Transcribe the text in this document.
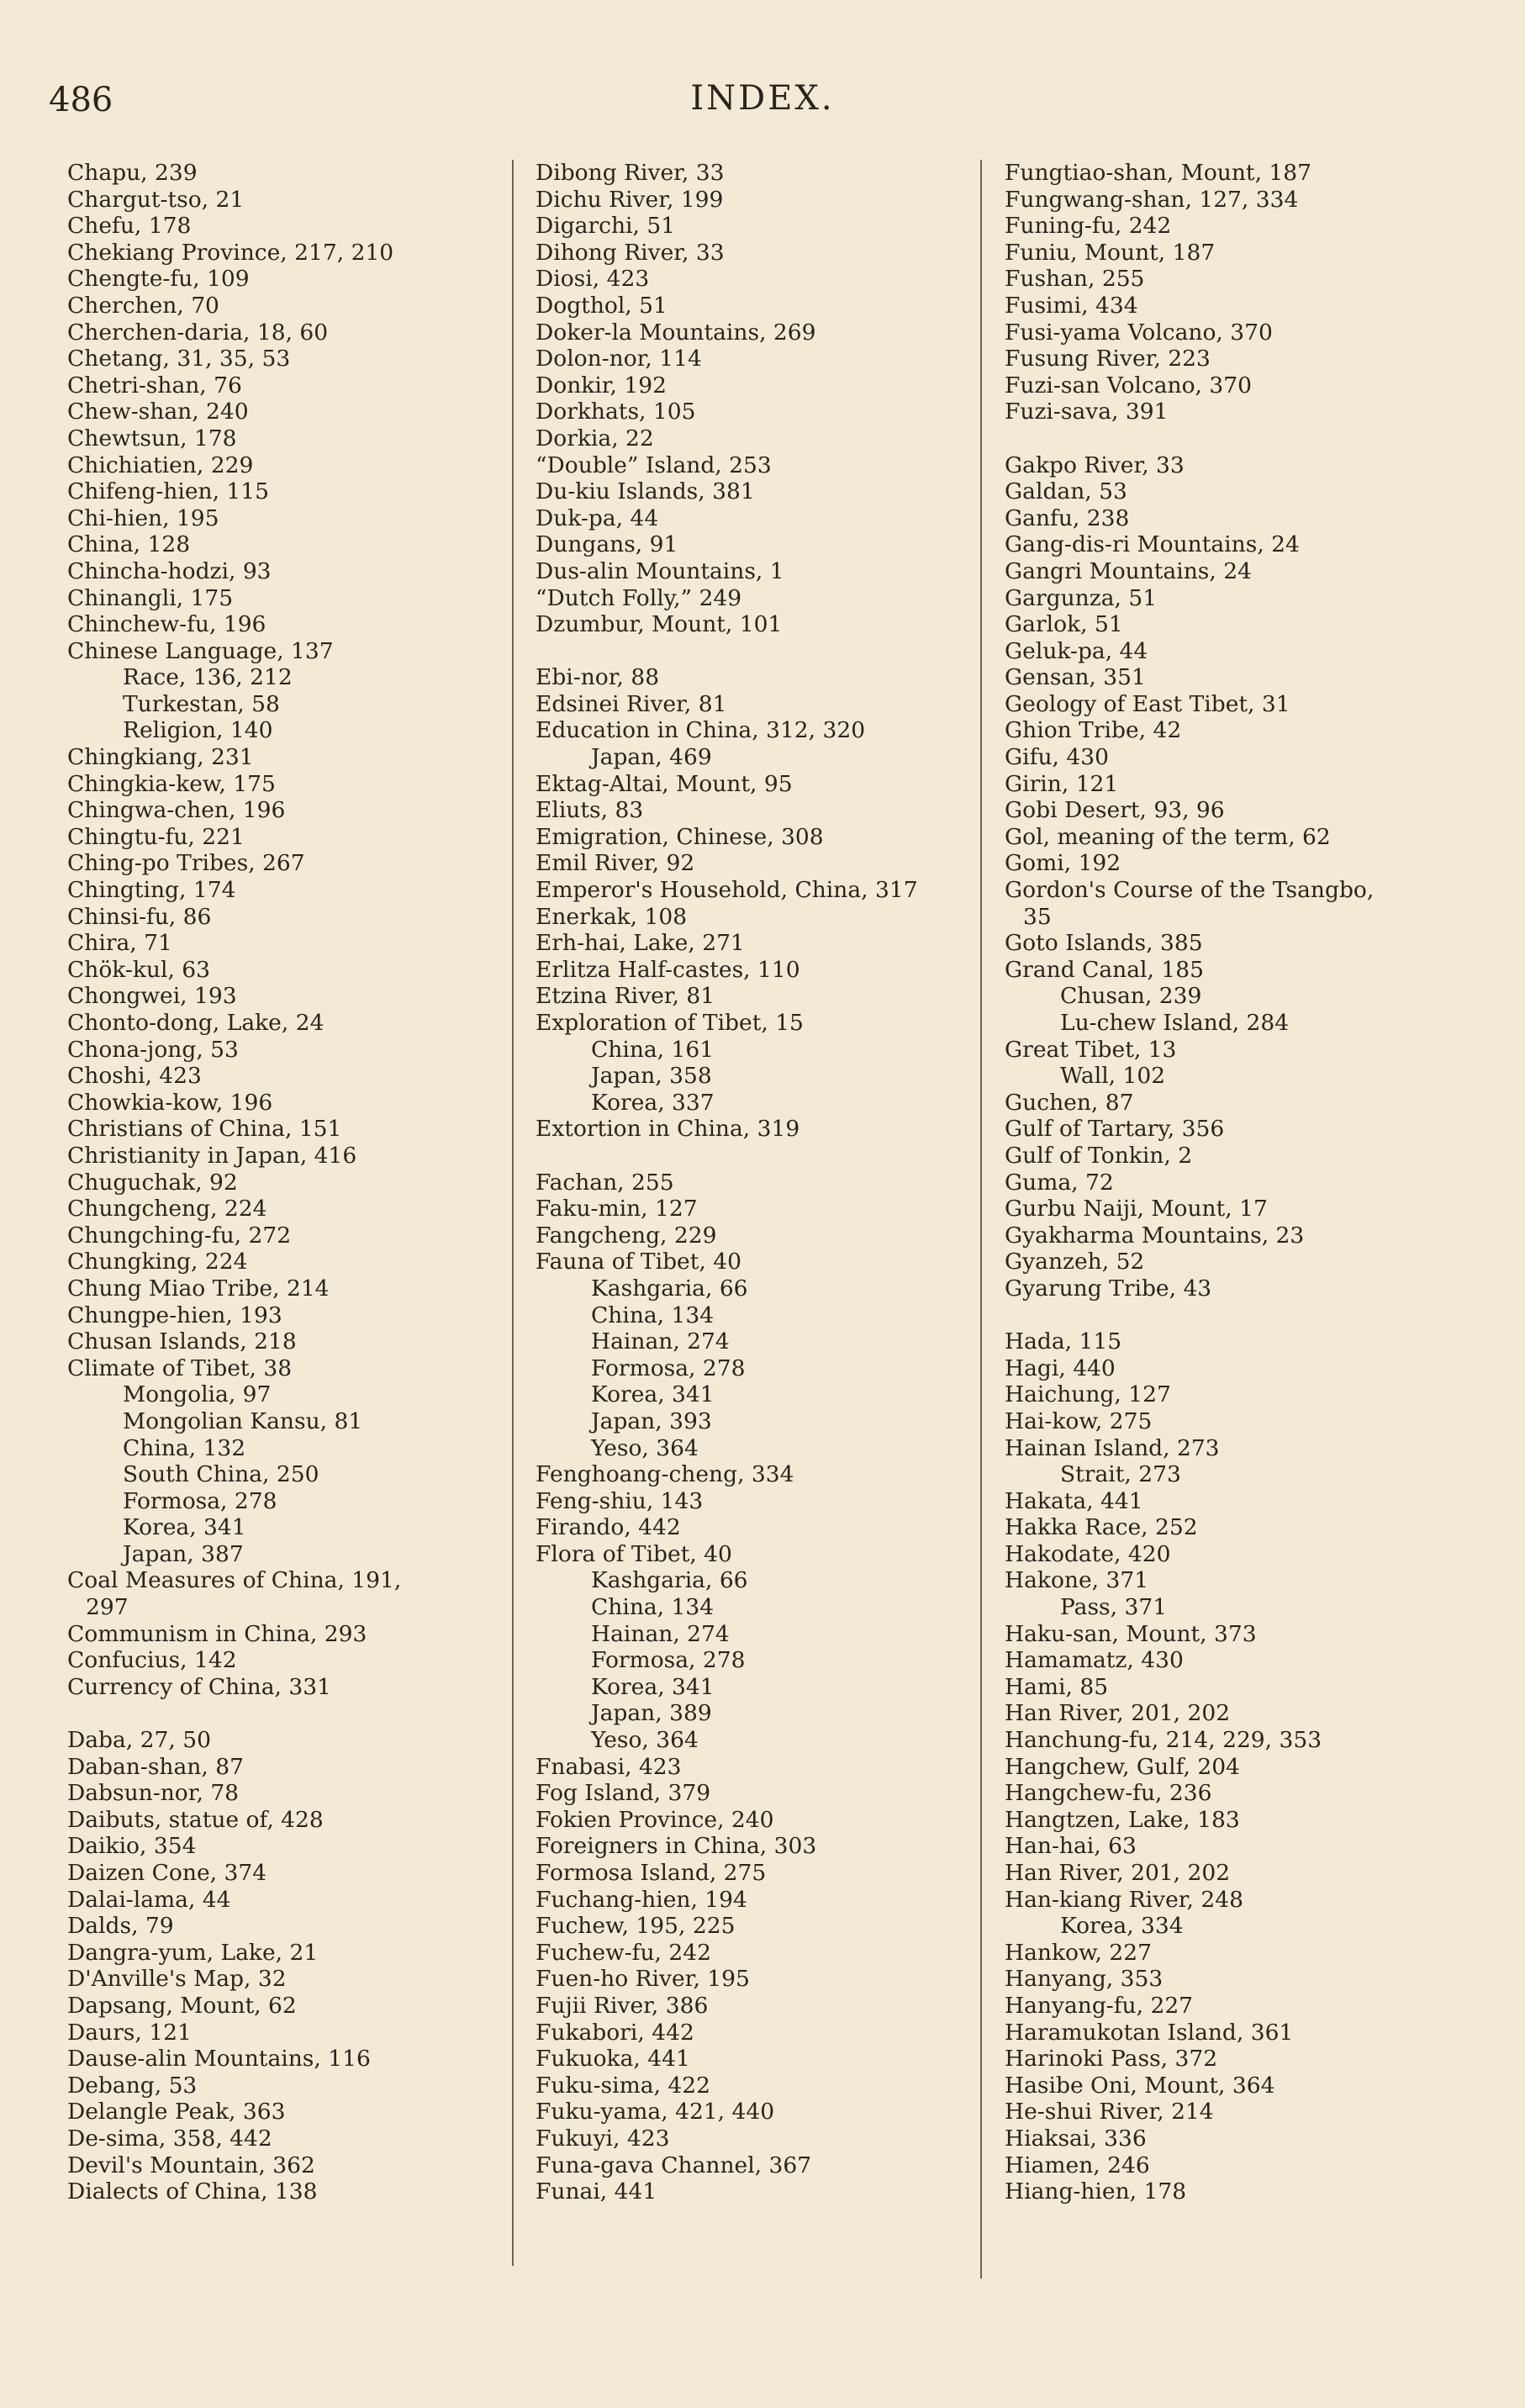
486	INDEX.
Chapu, 239
Chargut-tso, 21
Chefu, 178
Chekiang Province, 217, 210
Chengte-fu, 109
Cherchen, 70
Cherchen-daria, 18, 60
Chetang, 31, 35, 53
Chetri-shan, 76
Chew-shan, 240
Chewtsun, 178
Chichiatien, 229
Chifeng-hien, 115
Chi-hien, 195
China, 128
Chincha-hodzi, 93
Chinangli, 175
Chinchew-fu, 196
Chinese Language, 137
Race, 136, 212
Turkestan, 58
Religion, 140
Chingkiang, 231
Chingkia-kew, 175
Chingwa-chen, 196
Chingtu-fu, 221
Ching-po Tribes, 267
Chingting, 174
Chinsi-fu, 86
Chira, 71
Chök-kul, 63
Chongwei, 193
Chonto-dong, Lake, 24
Chona-jong, 53
Choshi, 423
Chowkia-kow, 196
Christians of China, 151
Christianity in Japan, 416
Chuguchak, 92
Chungcheng, 224
Chungching-fu, 272
Chungking, 224
Chung Miao Tribe, 214
Chungpe-hien, 193
Chusan Islands, 218
Climate of Tibet, 38
Mongolia, 97
Mongolian Kansu, 81
China, 132
South China, 250
Formosa, 278
Korea, 341
Japan, 387
Coal Measures of China, 191,
297
Communism in China, 293
Confucius, 142
Currency of China, 331
Daba, 27, 50
Daban-shan, 87
Dabsun-nor, 78
Daibuts, statue of, 428
Daikio, 354
Daizen Cone, 374
Dalai-lama, 44
Dalds, 79
Dangra-yum, Lake, 21
D'Anville's Map, 32
Dapsang, Mount, 62
Daurs, 121
Dause-alin Mountains, 116
Debang, 53
Delangle Peak, 363
De-sima, 358, 442
Devil's Mountain, 362
Dialects of China, 138
Dibong River, 33
Dichu River, 199
Digarchi, 51
Dihong River, 33
Diosi, 423
Dogthol, 51
Doker-la Mountains, 269
Dolon-nor, 114
Donkir, 192
Dorkhats, 105
Dorkia, 22
“Double” Island, 253
Du-kiu Islands, 381
Duk-pa, 44
Dungans, 91
Dus-alin Mountains, 1
“Dutch Folly,” 249
Dzumbur, Mount, 101
Ebi-nor, 88
Edsinei River, 81
Education in China, 312, 320
Japan, 469
Ektag-Altai, Mount, 95
Eliuts, 83
Emigration, Chinese, 308
Emil River, 92
Emperor's Household, China, 317
Enerkak, 108
Erh-hai, Lake, 271
Erlitza Half-castes, 110
Etzina River, 81
Exploration of Tibet, 15
China, 161
Japan, 358
Korea, 337
Extortion in China, 319
Fachan, 255
Faku-min, 127
Fangcheng, 229
Fauna of Tibet, 40
Kashgaria, 66
China, 134
Hainan, 274
Formosa, 278
Korea, 341
Japan, 393
Yeso, 364
Fenghoang-cheng, 334
Feng-shiu, 143
Firando, 442
Flora of Tibet, 40
Kashgaria, 66
China, 134
Hainan, 274
Formosa, 278
Korea, 341
Japan, 389
Yeso, 364
Fnabasi, 423
Fog Island, 379
Fokien Province, 240
Foreigners in China, 303
Formosa Island, 275
Fuchang-hien, 194
Fuchew, 195, 225
Fuchew-fu, 242
Fuen-ho River, 195
Fujii River, 386
Fukabori, 442
Fukuoka, 441
Fuku-sima, 422
Fuku-yama, 421, 440
Fukuyi, 423
Funa-gava Channel, 367
Funai, 441
Fungtiao-shan, Mount, 187
Fungwang-shan, 127, 334
Funing-fu, 242
Funiu, Mount, 187
Fushan, 255
Fusimi, 434
Fusi-yama Volcano, 370
Fusung River, 223
Fuzi-san Volcano, 370
Fuzi-sava, 391
Gakpo River, 33
Galdan, 53
Ganfu, 238
Gang-dis-ri Mountains, 24
Gangri Mountains, 24
Gargunza, 51
Garlok, 51
Geluk-pa, 44
Gensan, 351
Geology of East Tibet, 31
Ghion Tribe, 42
Gifu, 430
Girin, 121
Gobi Desert, 93, 96
Gol, meaning of the term, 62
Gomi, 192
Gordon's Course of the Tsangbo,
35
Goto Islands, 385
Grand Canal, 185
Chusan, 239
Lu-chew Island, 284
Great Tibet, 13
Wall, 102
Guchen, 87
Gulf of Tartary, 356
Gulf of Tonkin, 2
Guma, 72
Gurbu Naiji, Mount, 17
Gyakharma Mountains, 23
Gyanzeh, 52
Gyarung Tribe, 43
Hada, 115
Hagi, 440
Haichung, 127
Hai-kow, 275
Hainan Island, 273
Strait, 273
Hakata, 441
Hakka Race, 252
Hakodate, 420
Hakone, 371
Pass, 371
Haku-san, Mount, 373
Hamamatz, 430
Hami, 85
Han River, 201, 202
Hanchung-fu, 214, 229, 353
Hangchew, Gulf, 204
Hangchew-fu, 236
Hangtzen, Lake, 183
Han-hai, 63
Han River, 201, 202
Han-kiang River, 248
Korea, 334
Hankow, 227
Hanyang, 353
Hanyang-fu, 227
Haramukotan Island, 361
Harinoki Pass, 372
Hasibe Oni, Mount, 364
He-shui River, 214
Hiaksai, 336
Hiamen, 246
Hiang-hien, 178
